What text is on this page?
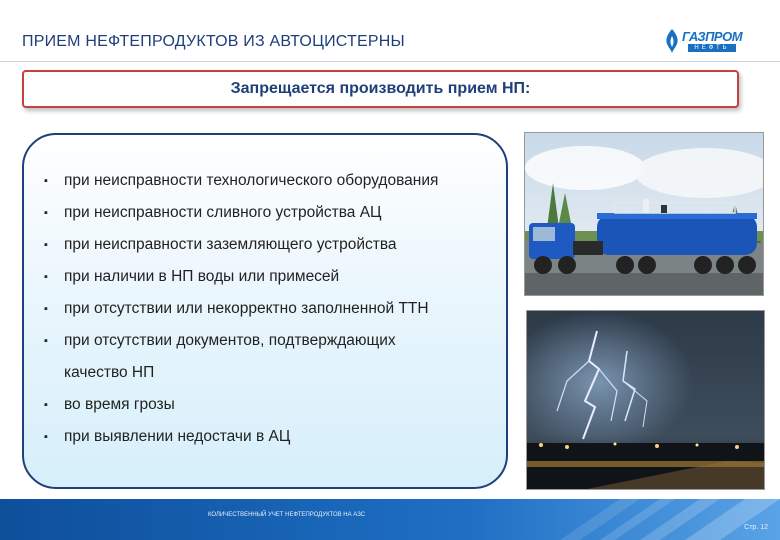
ПРИЕМ НЕФТЕПРОДУКТОВ ИЗ АВТОЦИСТЕРНЫ	ГАЗПРОМ
НЕФТЬ
Запрещается производить прием НП:
▪ при неисправности технологического оборудования
▪ при неисправности сливного устройства АЦ
▪ при неисправности заземляющего устройства
▪ при наличии в НП воды или примесей
▪ при отсутствии или некорректно заполненной ТТН
▪ при отсутствии документов, подтверждающих
качество НП
▪ во время грозы
▪ при выявлении недостачи в АЦ
КОЛИЧЕСТВЕННЫЙ УЧЕТ НЕФТЕПРОДУКТОВ НА АЗС
Стр. 12
